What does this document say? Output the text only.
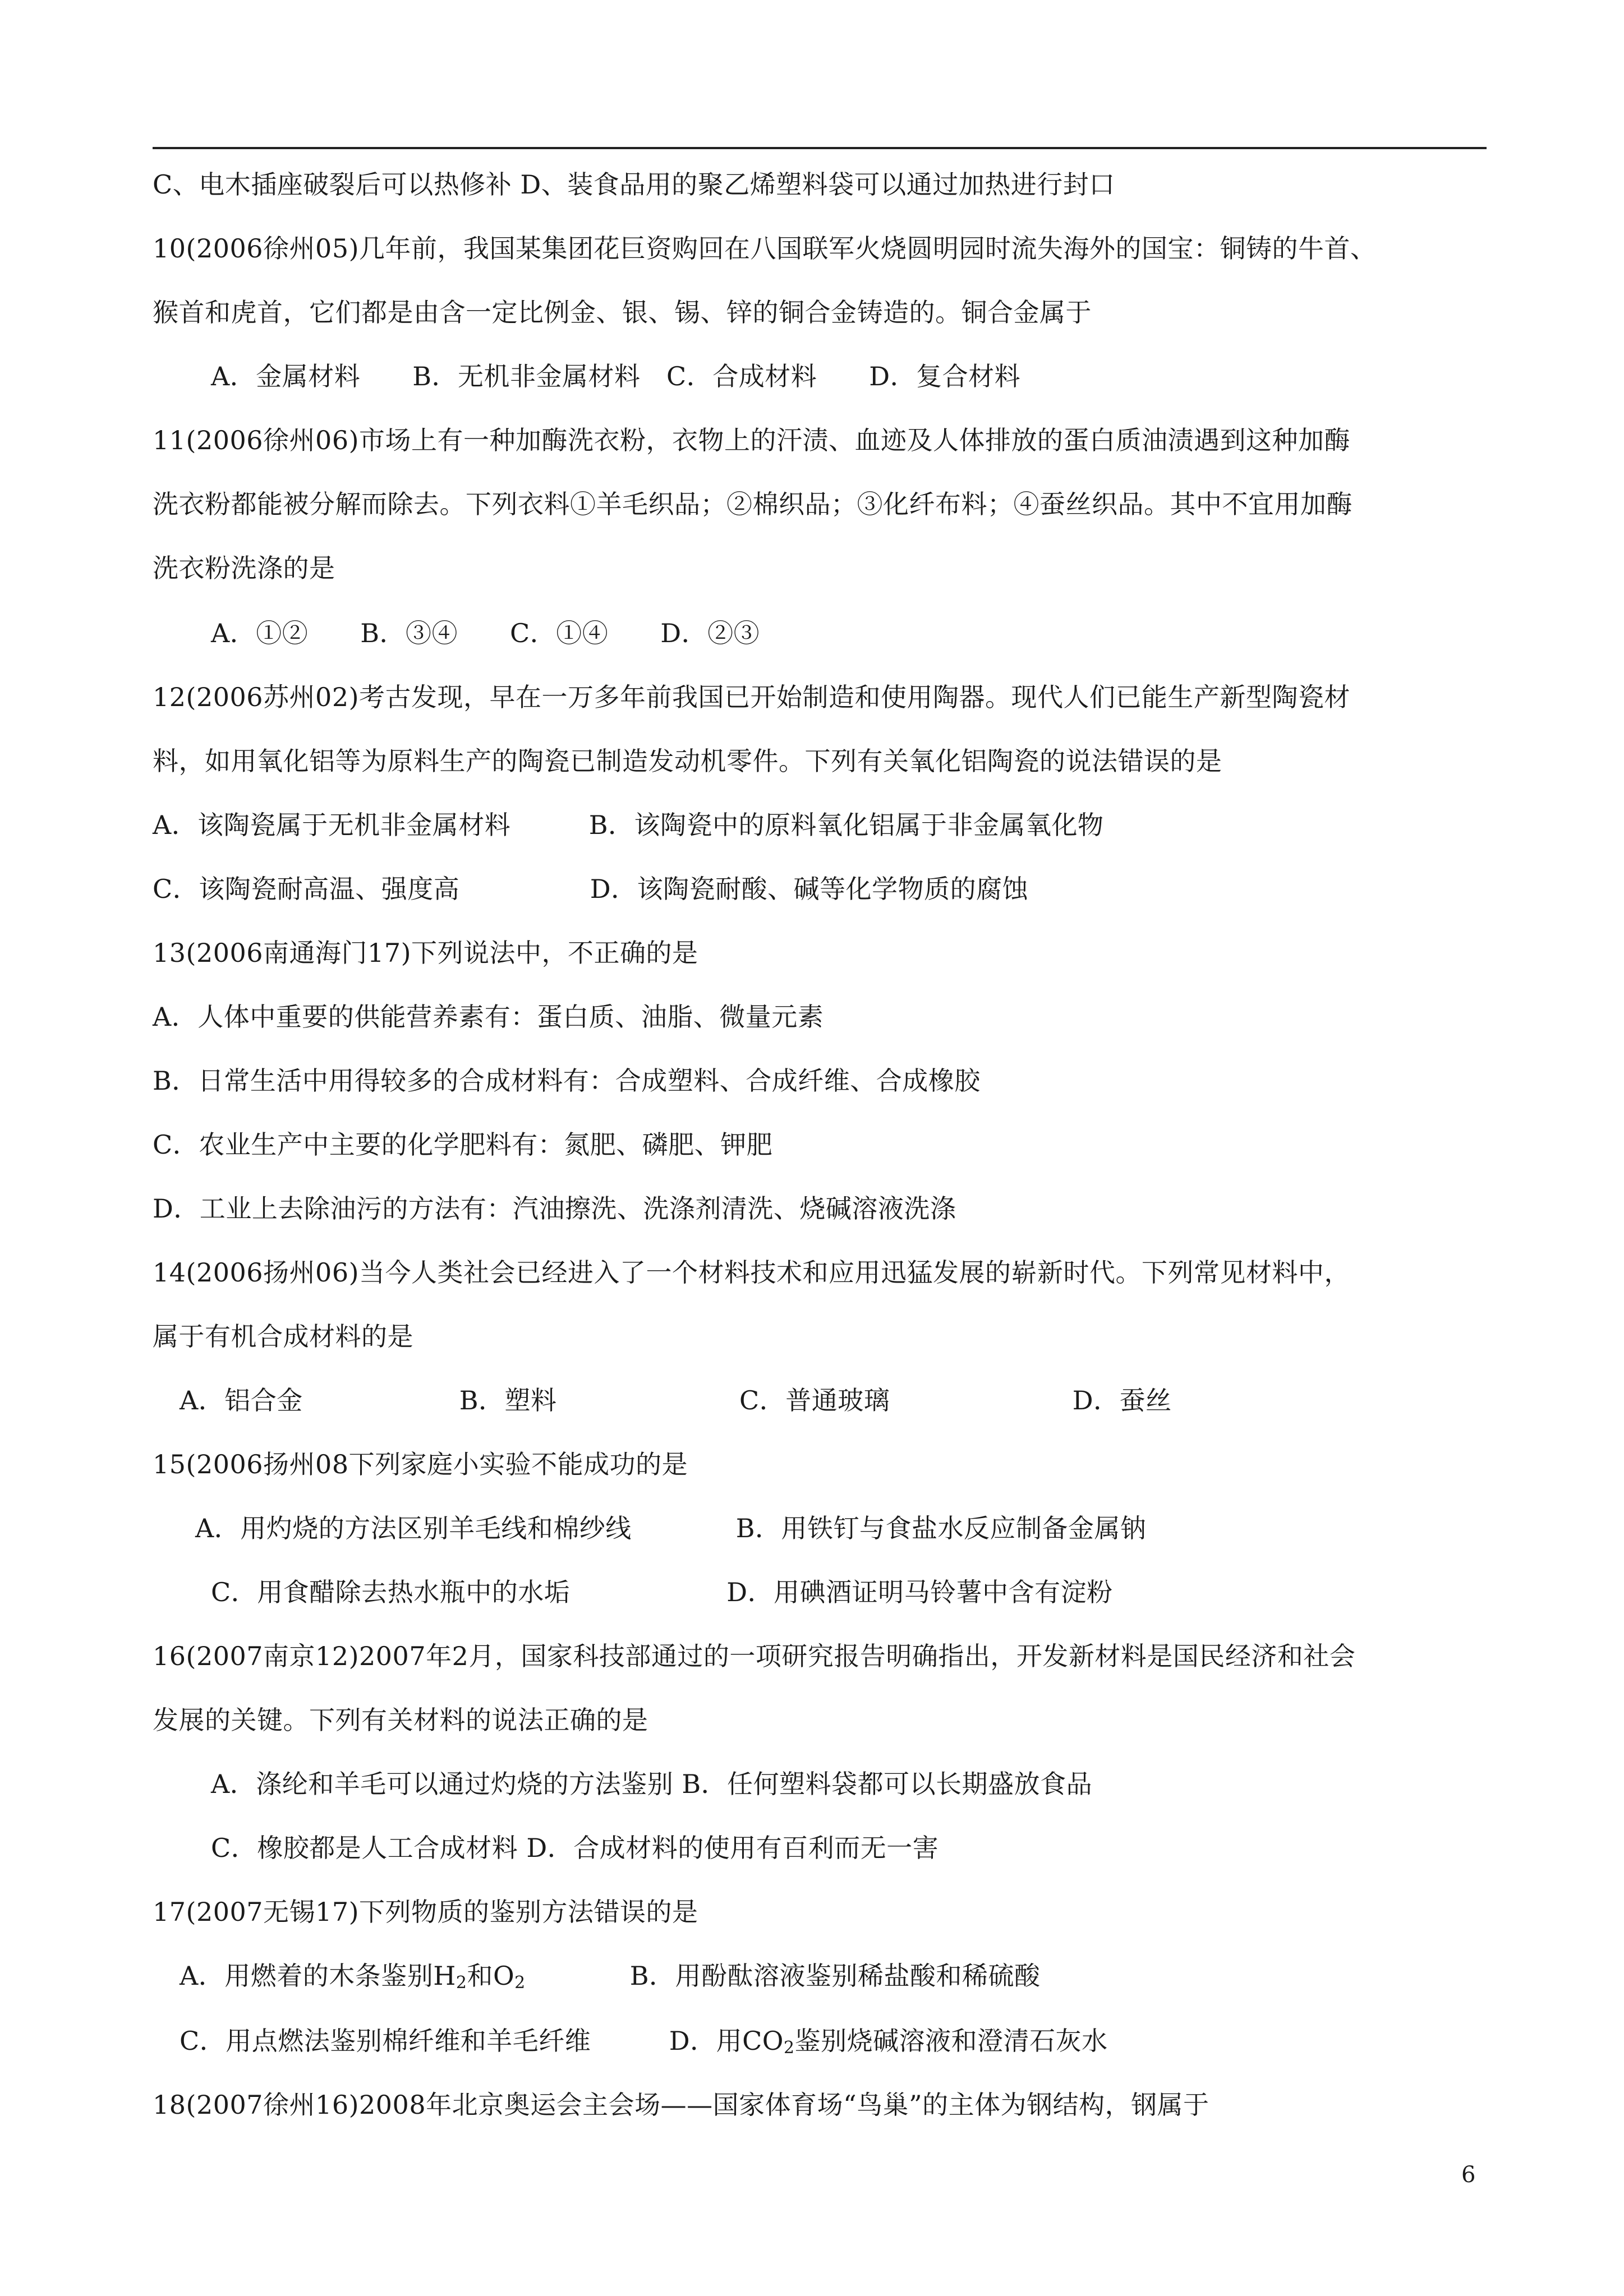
C、电木插座破裂后可以热修补 D、装食品用的聚乙烯塑料袋可以通过加热进行封口
10(2006徐州05)几年前，我国某集团花巨资购回在八国联军火烧圆明园时流失海外的国宝：铜铸的牛首、
猴首和虎首，它们都是由含一定比例金、银、锡、锌的铜合金铸造的。铜合金属于
A．金属材料　　B．无机非金属材料　C．合成材料　　D．复合材料
11(2006徐州06)市场上有一种加酶洗衣粉，衣物上的汗渍、血迹及人体排放的蛋白质油渍遇到这种加酶
洗衣粉都能被分解而除去。下列衣料①羊毛织品；②棉织品；③化纤布料；④蚕丝织品。其中不宜用加酶
洗衣粉洗涤的是
A．①②　　B．③④　　C．①④　　D．②③
12(2006苏州02)考古发现，早在一万多年前我国已开始制造和使用陶器。现代人们已能生产新型陶瓷材
料，如用氧化铝等为原料生产的陶瓷已制造发动机零件。下列有关氧化铝陶瓷的说法错误的是
A．该陶瓷属于无机非金属材料　　　B．该陶瓷中的原料氧化铝属于非金属氧化物
C．该陶瓷耐高温、强度高　　　　　D．该陶瓷耐酸、碱等化学物质的腐蚀
13(2006南通海门17)下列说法中，不正确的是
A．人体中重要的供能营养素有：蛋白质、油脂、微量元素
B．日常生活中用得较多的合成材料有：合成塑料、合成纤维、合成橡胶
C．农业生产中主要的化学肥料有：氮肥、磷肥、钾肥
D．工业上去除油污的方法有：汽油擦洗、洗涤剂清洗、烧碱溶液洗涤
14(2006扬州06)当今人类社会已经进入了一个材料技术和应用迅猛发展的崭新时代。下列常见材料中，
属于有机合成材料的是
A．铝合金　　　　　　B．塑料　　　　　　　C．普通玻璃　　　　　　　D．蚕丝
15(2006扬州08下列家庭小实验不能成功的是
A．用灼烧的方法区别羊毛线和棉纱线　　　　B．用铁钉与食盐水反应制备金属钠
C．用食醋除去热水瓶中的水垢　　　　　　D．用碘酒证明马铃薯中含有淀粉
16(2007南京12)2007年2月，国家科技部通过的一项研究报告明确指出，开发新材料是国民经济和社会
发展的关键。下列有关材料的说法正确的是
A．涤纶和羊毛可以通过灼烧的方法鉴别 B．任何塑料袋都可以长期盛放食品
C．橡胶都是人工合成材料 D．合成材料的使用有百利而无一害
17(2007无锡17)下列物质的鉴别方法错误的是
A．用燃着的木条鉴别$H_2$和$O_2$　　　　B．用酚酞溶液鉴别稀盐酸和稀硫酸
C．用点燃法鉴别棉纤维和羊毛纤维　　　D．用$CO_2$鉴别烧碱溶液和澄清石灰水
18(2007徐州16)2008年北京奥运会主会场——国家体育场“鸟巢”的主体为钢结构，钢属于
6
